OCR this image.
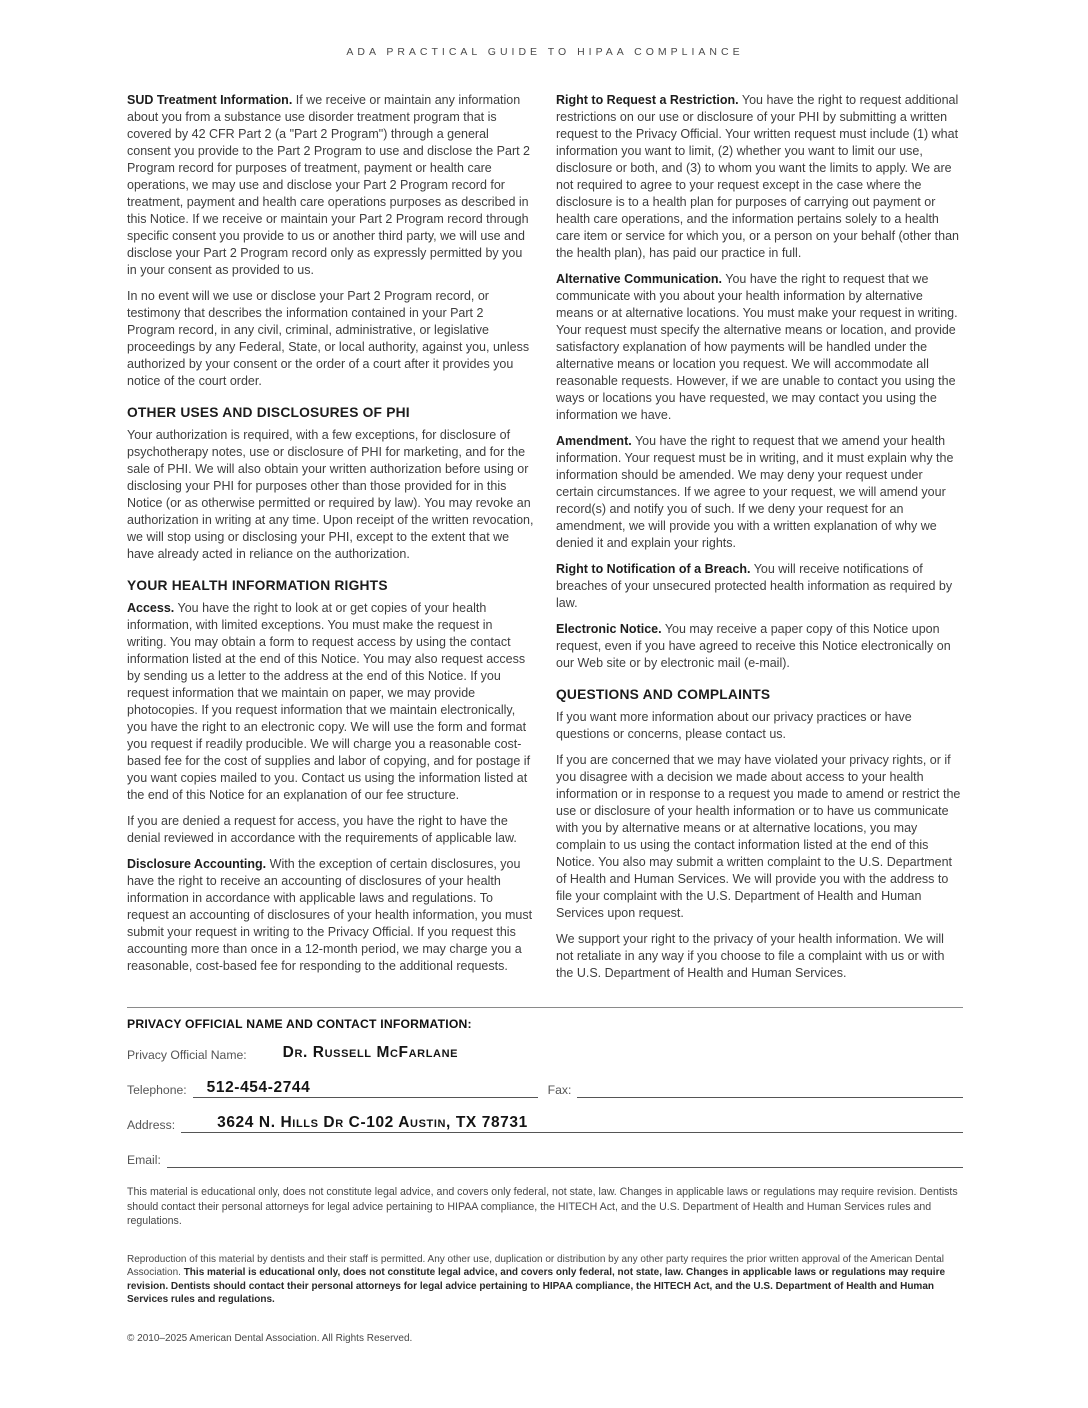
ADA PRACTICAL GUIDE TO HIPAA COMPLIANCE

SUD Treatment Information. If we receive or maintain any information about you from a substance use disorder treatment program that is covered by 42 CFR Part 2 (a "Part 2 Program") through a general consent you provide to the Part 2 Program to use and disclose the Part 2 Program record for purposes of treatment, payment or health care operations, we may use and disclose your Part 2 Program record for treatment, payment and health care operations purposes as described in this Notice. If we receive or maintain your Part 2 Program record through specific consent you provide to us or another third party, we will use and disclose your Part 2 Program record only as expressly permitted by you in your consent as provided to us.

In no event will we use or disclose your Part 2 Program record, or testimony that describes the information contained in your Part 2 Program record, in any civil, criminal, administrative, or legislative proceedings by any Federal, State, or local authority, against you, unless authorized by your consent or the order of a court after it provides you notice of the court order.

OTHER USES AND DISCLOSURES OF PHI

Your authorization is required, with a few exceptions, for disclosure of psychotherapy notes, use or disclosure of PHI for marketing, and for the sale of PHI. We will also obtain your written authorization before using or disclosing your PHI for purposes other than those provided for in this Notice (or as otherwise permitted or required by law). You may revoke an authorization in writing at any time. Upon receipt of the written revocation, we will stop using or disclosing your PHI, except to the extent that we have already acted in reliance on the authorization.

YOUR HEALTH INFORMATION RIGHTS

Access. You have the right to look at or get copies of your health information, with limited exceptions. You must make the request in writing. You may obtain a form to request access by using the contact information listed at the end of this Notice. You may also request access by sending us a letter to the address at the end of this Notice. If you request information that we maintain on paper, we may provide photocopies. If you request information that we maintain electronically, you have the right to an electronic copy. We will use the form and format you request if readily producible. We will charge you a reasonable cost-based fee for the cost of supplies and labor of copying, and for postage if you want copies mailed to you. Contact us using the information listed at the end of this Notice for an explanation of our fee structure.

If you are denied a request for access, you have the right to have the denial reviewed in accordance with the requirements of applicable law.

Disclosure Accounting. With the exception of certain disclosures, you have the right to receive an accounting of disclosures of your health information in accordance with applicable laws and regulations. To request an accounting of disclosures of your health information, you must submit your request in writing to the Privacy Official. If you request this accounting more than once in a 12-month period, we may charge you a reasonable, cost-based fee for responding to the additional requests.

Right to Request a Restriction. You have the right to request additional restrictions on our use or disclosure of your PHI by submitting a written request to the Privacy Official. Your written request must include (1) what information you want to limit, (2) whether you want to limit our use, disclosure or both, and (3) to whom you want the limits to apply. We are not required to agree to your request except in the case where the disclosure is to a health plan for purposes of carrying out payment or health care operations, and the information pertains solely to a health care item or service for which you, or a person on your behalf (other than the health plan), has paid our practice in full.

Alternative Communication. You have the right to request that we communicate with you about your health information by alternative means or at alternative locations. You must make your request in writing. Your request must specify the alternative means or location, and provide satisfactory explanation of how payments will be handled under the alternative means or location you request. We will accommodate all reasonable requests. However, if we are unable to contact you using the ways or locations you have requested, we may contact you using the information we have.

Amendment. You have the right to request that we amend your health information. Your request must be in writing, and it must explain why the information should be amended. We may deny your request under certain circumstances. If we agree to your request, we will amend your record(s) and notify you of such. If we deny your request for an amendment, we will provide you with a written explanation of why we denied it and explain your rights.

Right to Notification of a Breach. You will receive notifications of breaches of your unsecured protected health information as required by law.

Electronic Notice. You may receive a paper copy of this Notice upon request, even if you have agreed to receive this Notice electronically on our Web site or by electronic mail (e-mail).

QUESTIONS AND COMPLAINTS

If you want more information about our privacy practices or have questions or concerns, please contact us.

If you are concerned that we may have violated your privacy rights, or if you disagree with a decision we made about access to your health information or in response to a request you made to amend or restrict the use or disclosure of your health information or to have us communicate with you by alternative means or at alternative locations, you may complain to us using the contact information listed at the end of this Notice. You also may submit a written complaint to the U.S. Department of Health and Human Services. We will provide you with the address to file your complaint with the U.S. Department of Health and Human Services upon request.

We support your right to the privacy of your health information. We will not retaliate in any way if you choose to file a complaint with us or with the U.S. Department of Health and Human Services.

PRIVACY OFFICIAL NAME AND CONTACT INFORMATION:
Privacy Official Name:	Dr. Russell McFarlane
Telephone:	512-454-2744	Fax:
Address:	3624 N. Hills Dr C-102 Austin, TX 78731
Email:

This material is educational only, does not constitute legal advice, and covers only federal, not state, law. Changes in applicable laws or regulations may require revision. Dentists should contact their personal attorneys for legal advice pertaining to HIPAA compliance, the HITECH Act, and the U.S. Department of Health and Human Services rules and regulations.

Reproduction of this material by dentists and their staff is permitted. Any other use, duplication or distribution by any other party requires the prior written approval of the American Dental Association. This material is educational only, does not constitute legal advice, and covers only federal, not state, law. Changes in applicable laws or regulations may require revision. Dentists should contact their personal attorneys for legal advice pertaining to HIPAA compliance, the HITECH Act, and the U.S. Department of Health and Human Services rules and regulations.

© 2010–2025 American Dental Association. All Rights Reserved.
